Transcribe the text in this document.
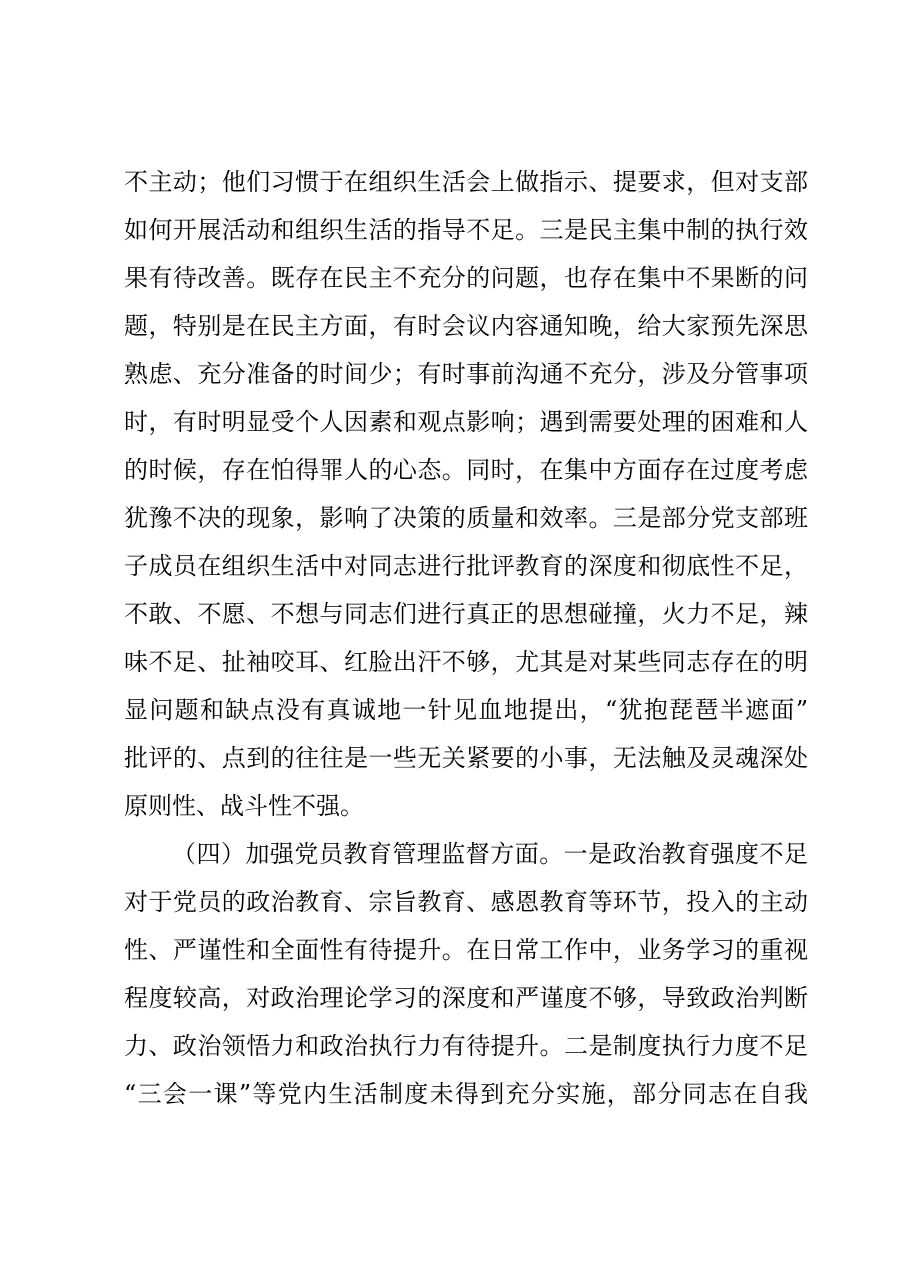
不主动；他们习惯于在组织生活会上做指示、提要求，但对支部
如何开展活动和组织生活的指导不足。三是民主集中制的执行效
果有待改善。既存在民主不充分的问题，也存在集中不果断的问
题，特别是在民主方面，有时会议内容通知晚，给大家预先深思
熟虑、充分准备的时间少；有时事前沟通不充分，涉及分管事项
时，有时明显受个人因素和观点影响；遇到需要处理的困难和人
的时候，存在怕得罪人的心态。同时，在集中方面存在过度考虑
犹豫不决的现象，影响了决策的质量和效率。三是部分党支部班
子成员在组织生活中对同志进行批评教育的深度和彻底性不足，
不敢、不愿、不想与同志们进行真正的思想碰撞，火力不足，辣
味不足、扯袖咬耳、红脸出汗不够，尤其是对某些同志存在的明
显问题和缺点没有真诚地一针见血地提出，“犹抱琵琶半遮面”
批评的、点到的往往是一些无关紧要的小事，无法触及灵魂深处
原则性、战斗性不强。
（四）加强党员教育管理监督方面。一是政治教育强度不足
对于党员的政治教育、宗旨教育、感恩教育等环节，投入的主动
性、严谨性和全面性有待提升。在日常工作中，业务学习的重视
程度较高，对政治理论学习的深度和严谨度不够，导致政治判断
力、政治领悟力和政治执行力有待提升。二是制度执行力度不足
“三会一课”等党内生活制度未得到充分实施，部分同志在自我
